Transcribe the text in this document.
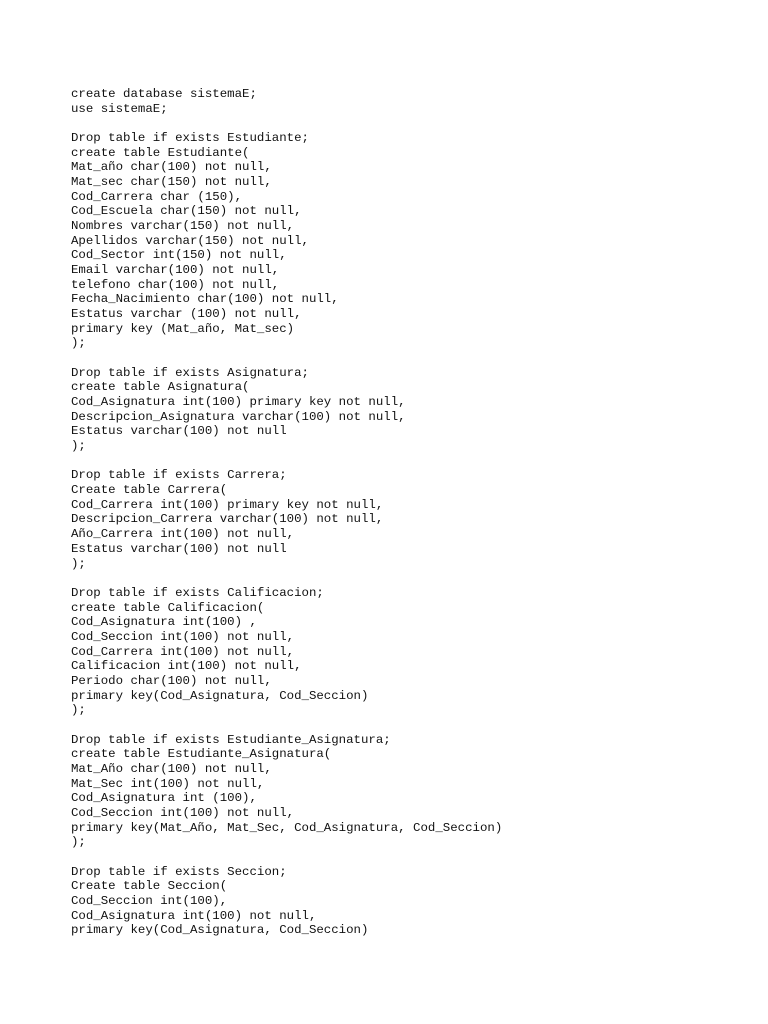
create database sistemaE;
use sistemaE;
Drop table if exists Estudiante;
create table Estudiante(
Mat_año char(100) not null,
Mat_sec char(150) not null,
Cod_Carrera char (150),
Cod_Escuela char(150) not null,
Nombres varchar(150) not null,
Apellidos varchar(150) not null,
Cod_Sector int(150) not null,
Email varchar(100) not null,
telefono char(100) not null,
Fecha_Nacimiento char(100) not null,
Estatus varchar (100) not null,
primary key (Mat_año, Mat_sec)
);
Drop table if exists Asignatura;
create table Asignatura(
Cod_Asignatura int(100) primary key not null,
Descripcion_Asignatura varchar(100) not null,
Estatus varchar(100) not null
);
Drop table if exists Carrera;
Create table Carrera(
Cod_Carrera int(100) primary key not null,
Descripcion_Carrera varchar(100) not null,
Año_Carrera int(100) not null,
Estatus varchar(100) not null
);
Drop table if exists Calificacion;
create table Calificacion(
Cod_Asignatura int(100) ,
Cod_Seccion int(100) not null,
Cod_Carrera int(100) not null,
Calificacion int(100) not null,
Periodo char(100) not null,
primary key(Cod_Asignatura, Cod_Seccion)
);
Drop table if exists Estudiante_Asignatura;
create table Estudiante_Asignatura(
Mat_Año char(100) not null,
Mat_Sec int(100) not null,
Cod_Asignatura int (100),
Cod_Seccion int(100) not null,
primary key(Mat_Año, Mat_Sec, Cod_Asignatura, Cod_Seccion)
);
Drop table if exists Seccion;
Create table Seccion(
Cod_Seccion int(100),
Cod_Asignatura int(100) not null,
primary key(Cod_Asignatura, Cod_Seccion)
